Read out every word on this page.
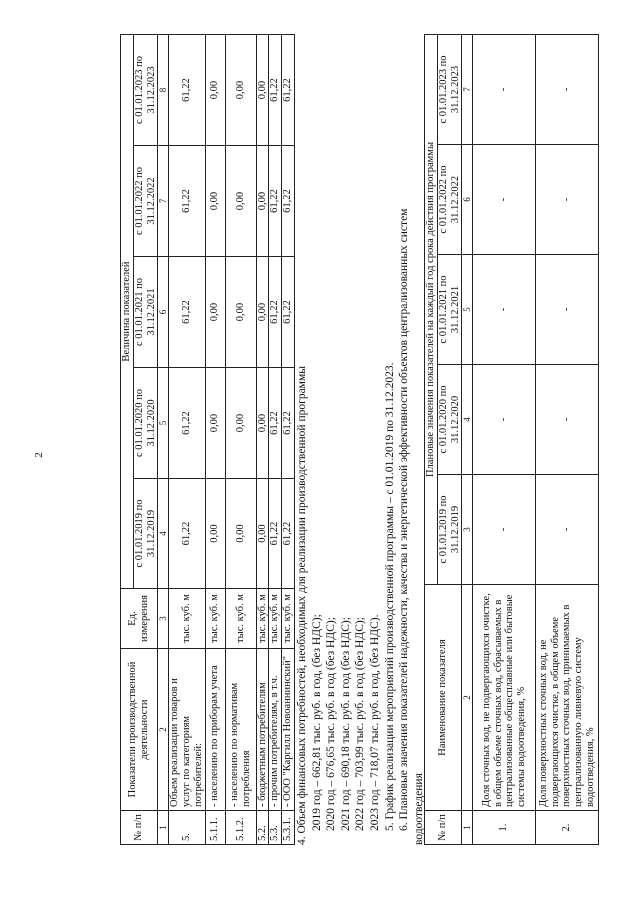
2
№ п/п	Показатели производственной деятельности	Ед. измерения	Величина показателей				
			с 01.01.2019 по 31.12.2019	с 01.01.2020 по 31.12.2020	с 01.01.2021 по 31.12.2021	с 01.01.2022 по 31.12.2022	с 01.01.2023 по 31.12.2023
1	2	3	4	5	6	7	8
5.	Объем реализации товаров и услуг по категориям потребителей:	тыс. куб. м	61,22	61,22	61,22	61,22	61,22
5.1.1.	- населению по приборам учета	тыс. куб. м	0,00	0,00	0,00	0,00	0,00
5.1.2.	- населению по нормативам потребления	тыс. куб. м	0,00	0,00	0,00	0,00	0,00
5.2.	- бюджетным потребителям	тыс. куб. м	0,00	0,00	0,00	0,00	0,00
5.3.	- прочим потребителям, в т.ч.	тыс. куб. м	61,22	61,22	61,22	61,22	61,22
5.3.1.	- ООО "Каргилл Новоаннинский"	тыс. куб. м	61,22	61,22	61,22	61,22	61,22
4. Объем финансовых потребностей, необходимых для реализации производственной программы 2019 год – 662,81 тыс. руб. в год, (без НДС); 2020 год – 676,65 тыс. руб. в год (без НДС); 2021 год – 690,18 тыс. руб. в год (без НДС); 2022 год – 703,99 тыс. руб. в год (без НДС); 2023 год – 718,07 тыс. руб. в год, (без НДС). 5. График реализации мероприятий производственной программы – с 01.01.2019 по 31.12.2023. 6. Плановые значения показателей надежности, качества и энергетической эффективности объектов централизованных систем водоотведения № п/п	Наименование показателя	Плановые значения показателей на каждый год срока действия программы				
		с 01.01.2019 по 31.12.2019	с 01.01.2020 по 31.12.2020	с 01.01.2021 по 31.12.2021	с 01.01.2022 по 31.12.2022	с 01.01.2023 по 31.12.2023
1	2	3	4	5	6	7
1.	Доля сточных вод, не подвергающихся очистке, в общем объеме сточных вод, сбрасываемых в централизованные общесплавные или бытовые системы водоотведения, %	-	-	-	-	-
2.	Доля поверхностных сточных вод, не подвергающихся очистке, в общем объеме поверхностных сточных вод, принимаемых в централизованную ливневую систему водоотведения, %	-	-	-	-	-
